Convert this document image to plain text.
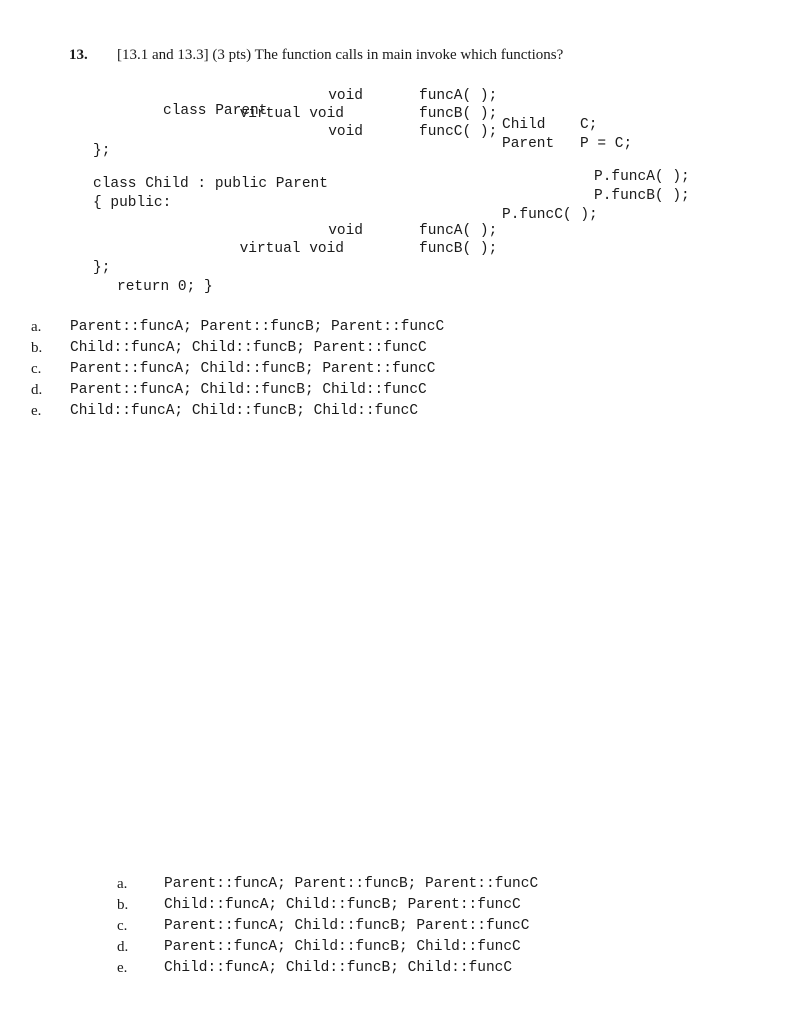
13. [13.1 and 13.3] (3 pts) The function calls in main invoke which functions?

class Parent

void	funcA( );
virtual void	funcB( );
void	funcC( ); Child C;
Parent P = C;
};
class Child : public Parent
{ public:
P.funcA( );
P.funcB( );
P.funcC( );
void	funcA( );
virtual void	funcB( );
};
return 0; }
a. Parent::funcA; Parent::funcB; Parent::funcC
b. Child::funcA; Child::funcB; Parent::funcC
c. Parent::funcA; Child::funcB; Parent::funcC
d. Parent::funcA; Child::funcB; Child::funcC
e. Child::funcA; Child::funcB; Child::funcC
a.	Parent::funcA; Parent::funcB; Parent::funcC
b. Child::funcA; Child::funcB; Parent::funcC
c.	Parent::funcA; Child::funcB; Parent::funcC
d. Parent::funcA; Child::funcB; Child::funcC
e.	Child::funcA; Child::funcB; Child::funcC
